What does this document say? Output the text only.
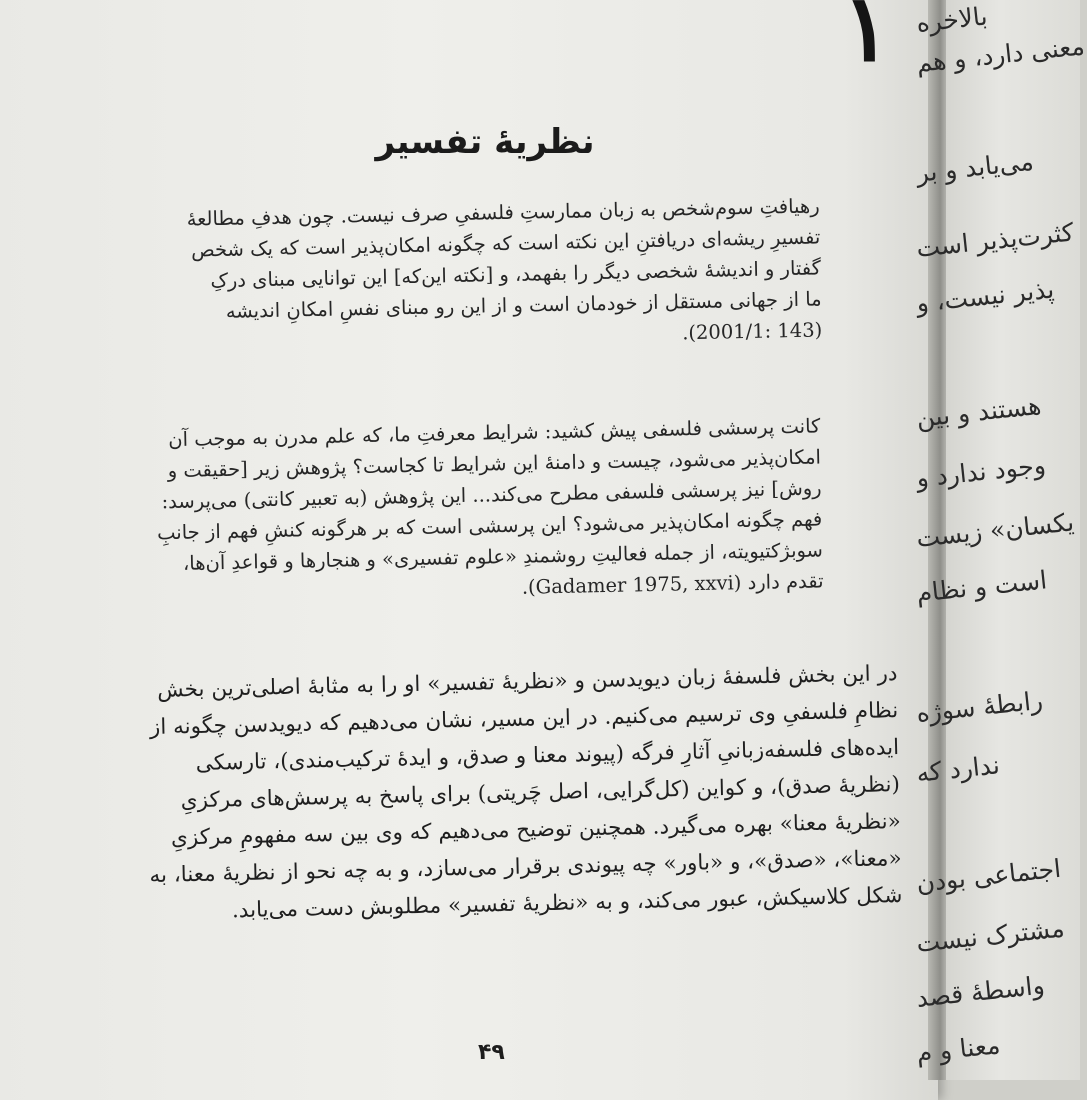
بالاخره
معنی دارد، و هم
می‌یابد و بر
کثرت‌پذیر است
پذیر نیست، و
هستند و بین
وجود ندارد و
یکسان» زیست
است و نظام
رابطهٔ سوژه
ندارد که
اجتماعی بودن
مشترک نیست
واسطهٔ قصد
معنا و م
۱
نظریهٔ تفسیر

رهیافتِ سوم‌شخص به زبان ممارستِ فلسفیِ صرف نیست. چون هدفِ مطالعهٔ

تفسیرِ ریشه‌ای دریافتنِ این نکته است که چگونه امکان‌پذیر است که یک شخص

گفتار و اندیشهٔ شخصی دیگر را بفهمد، و [نکته این‌که] این توانایی مبنای درکِ

ما از جهانی مستقل از خودمان است و از این رو مبنای نفسِ امکانِ اندیشه

(143 :2001/1).

کانت پرسشی فلسفی پیش کشید: شرایط معرفتِ ما، که علم مدرن به موجب آن

امکان‌پذیر می‌شود، چیست و دامنهٔ این شرایط تا کجاست؟ پژوهش زیر [حقیقت و

روش] نیز پرسشی فلسفی مطرح می‌کند... این پژوهش (به تعبیر کانتی) می‌پرسد:

فهم چگونه امکان‌پذیر می‌شود؟ این پرسشی است که بر هرگونه کنشِ فهم از جانبِ

سوبژکتیویته، از جمله فعالیتِ روشمندِ «علوم تفسیری» و هنجارها و قواعدِ آن‌ها،

تقدم دارد (Gadamer 1975, xxvi).

در این بخش فلسفهٔ زبان دیویدسن و «نظریهٔ تفسیر» او را به مثابهٔ اصلی‌ترین بخش

نظامِ فلسفیِ وی ترسیم می‌کنیم. در این مسیر، نشان می‌دهیم که دیویدسن چگونه از

ایده‌های فلسفه‌زبانیِ آثارِ فرگه (پیوند معنا و صدق، و ایدهٔ ترکیب‌مندی)، تارسکی

(نظریهٔ صدق)، و کواین (کل‌گرایی، اصل چَریتی) برای پاسخ به پرسش‌های مرکزیِ

«نظریهٔ معنا» بهره می‌گیرد. همچنین توضیح می‌دهیم که وی بین سه مفهومِ مرکزیِ

«معنا»، «صدق»، و «باور» چه پیوندی برقرار می‌سازد، و به چه نحو از نظریهٔ معنا، به

شکل کلاسیکش، عبور می‌کند، و به «نظریهٔ تفسیر» مطلوبش دست می‌یابد.

۴۹
